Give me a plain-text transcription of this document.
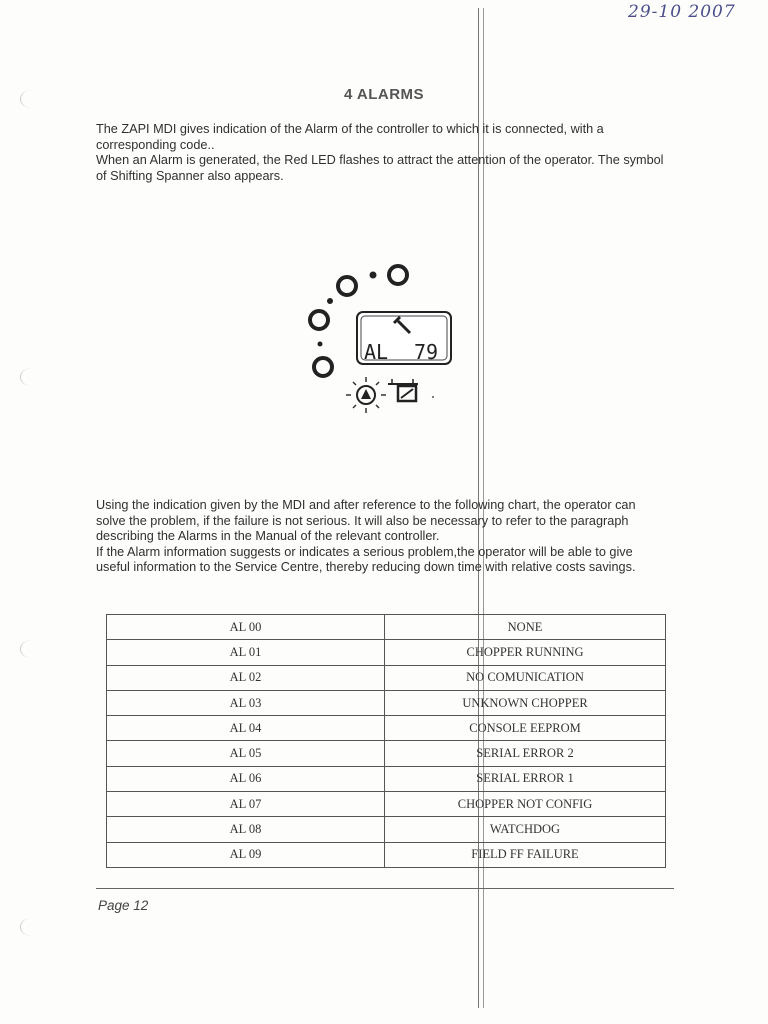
29-10 2007
4 ALARMS

The ZAPI MDI gives indication of the Alarm of the controller to which it is connected, with a corresponding code..

When an Alarm is generated, the Red LED flashes to attract the attention of the operator. The symbol of Shifting Spanner also appears.

AL 79

Using the indication given by the MDI and after reference to the following chart, the operator can solve the problem, if the failure is not serious. It will also be necessary to refer to the paragraph describing the Alarms in the Manual of the relevant controller.

If the Alarm information suggests or indicates a serious problem,the operator will be able to give useful information to the Service Centre, thereby reducing down time with relative costs savings.

AL 00	NONE
AL 01	CHOPPER RUNNING
AL 02	NO COMUNICATION
AL 03	UNKNOWN CHOPPER
AL 04	CONSOLE EEPROM
AL 05	SERIAL ERROR 2
AL 06	SERIAL ERROR 1
AL 07	CHOPPER NOT CONFIG
AL 08	WATCHDOG
AL 09	FIELD FF FAILURE
Page 12
